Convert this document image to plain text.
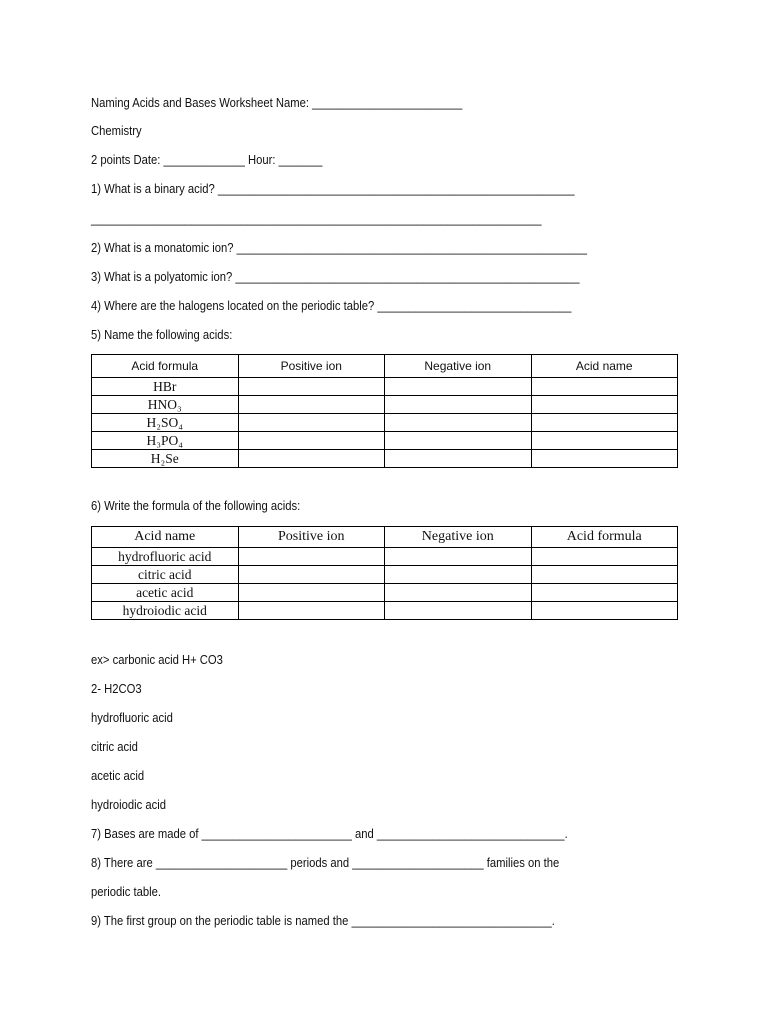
Naming Acids and Bases Worksheet Name: ________________________
Chemistry
2 points Date: _____________ Hour: _______
1) What is a binary acid? _________________________________________________________
________________________________________________________________________
2) What is a monatomic ion? ________________________________________________________
3) What is a polyatomic ion? _______________________________________________________
4) Where are the halogens located on the periodic table? _______________________________
5) Name the following acids:
Acid formula	Positive ion	Negative ion	Acid name
HBr			
HNO₃			
H₂SO₄			
H₃PO₄			
H₂Se			
6) Write the formula of the following acids:
Acid name	Positive ion	Negative ion	Acid formula
hydrofluoric acid			
citric acid			
acetic acid			
hydroiodic acid			
ex> carbonic acid H+ CO3
2- H2CO3
hydrofluoric acid
citric acid
acetic acid
hydroiodic acid
7) Bases are made of ________________________ and ______________________________.
8) There are _____________________ periods and _____________________ families on the
periodic table.
9) The first group on the periodic table is named the ________________________________.
